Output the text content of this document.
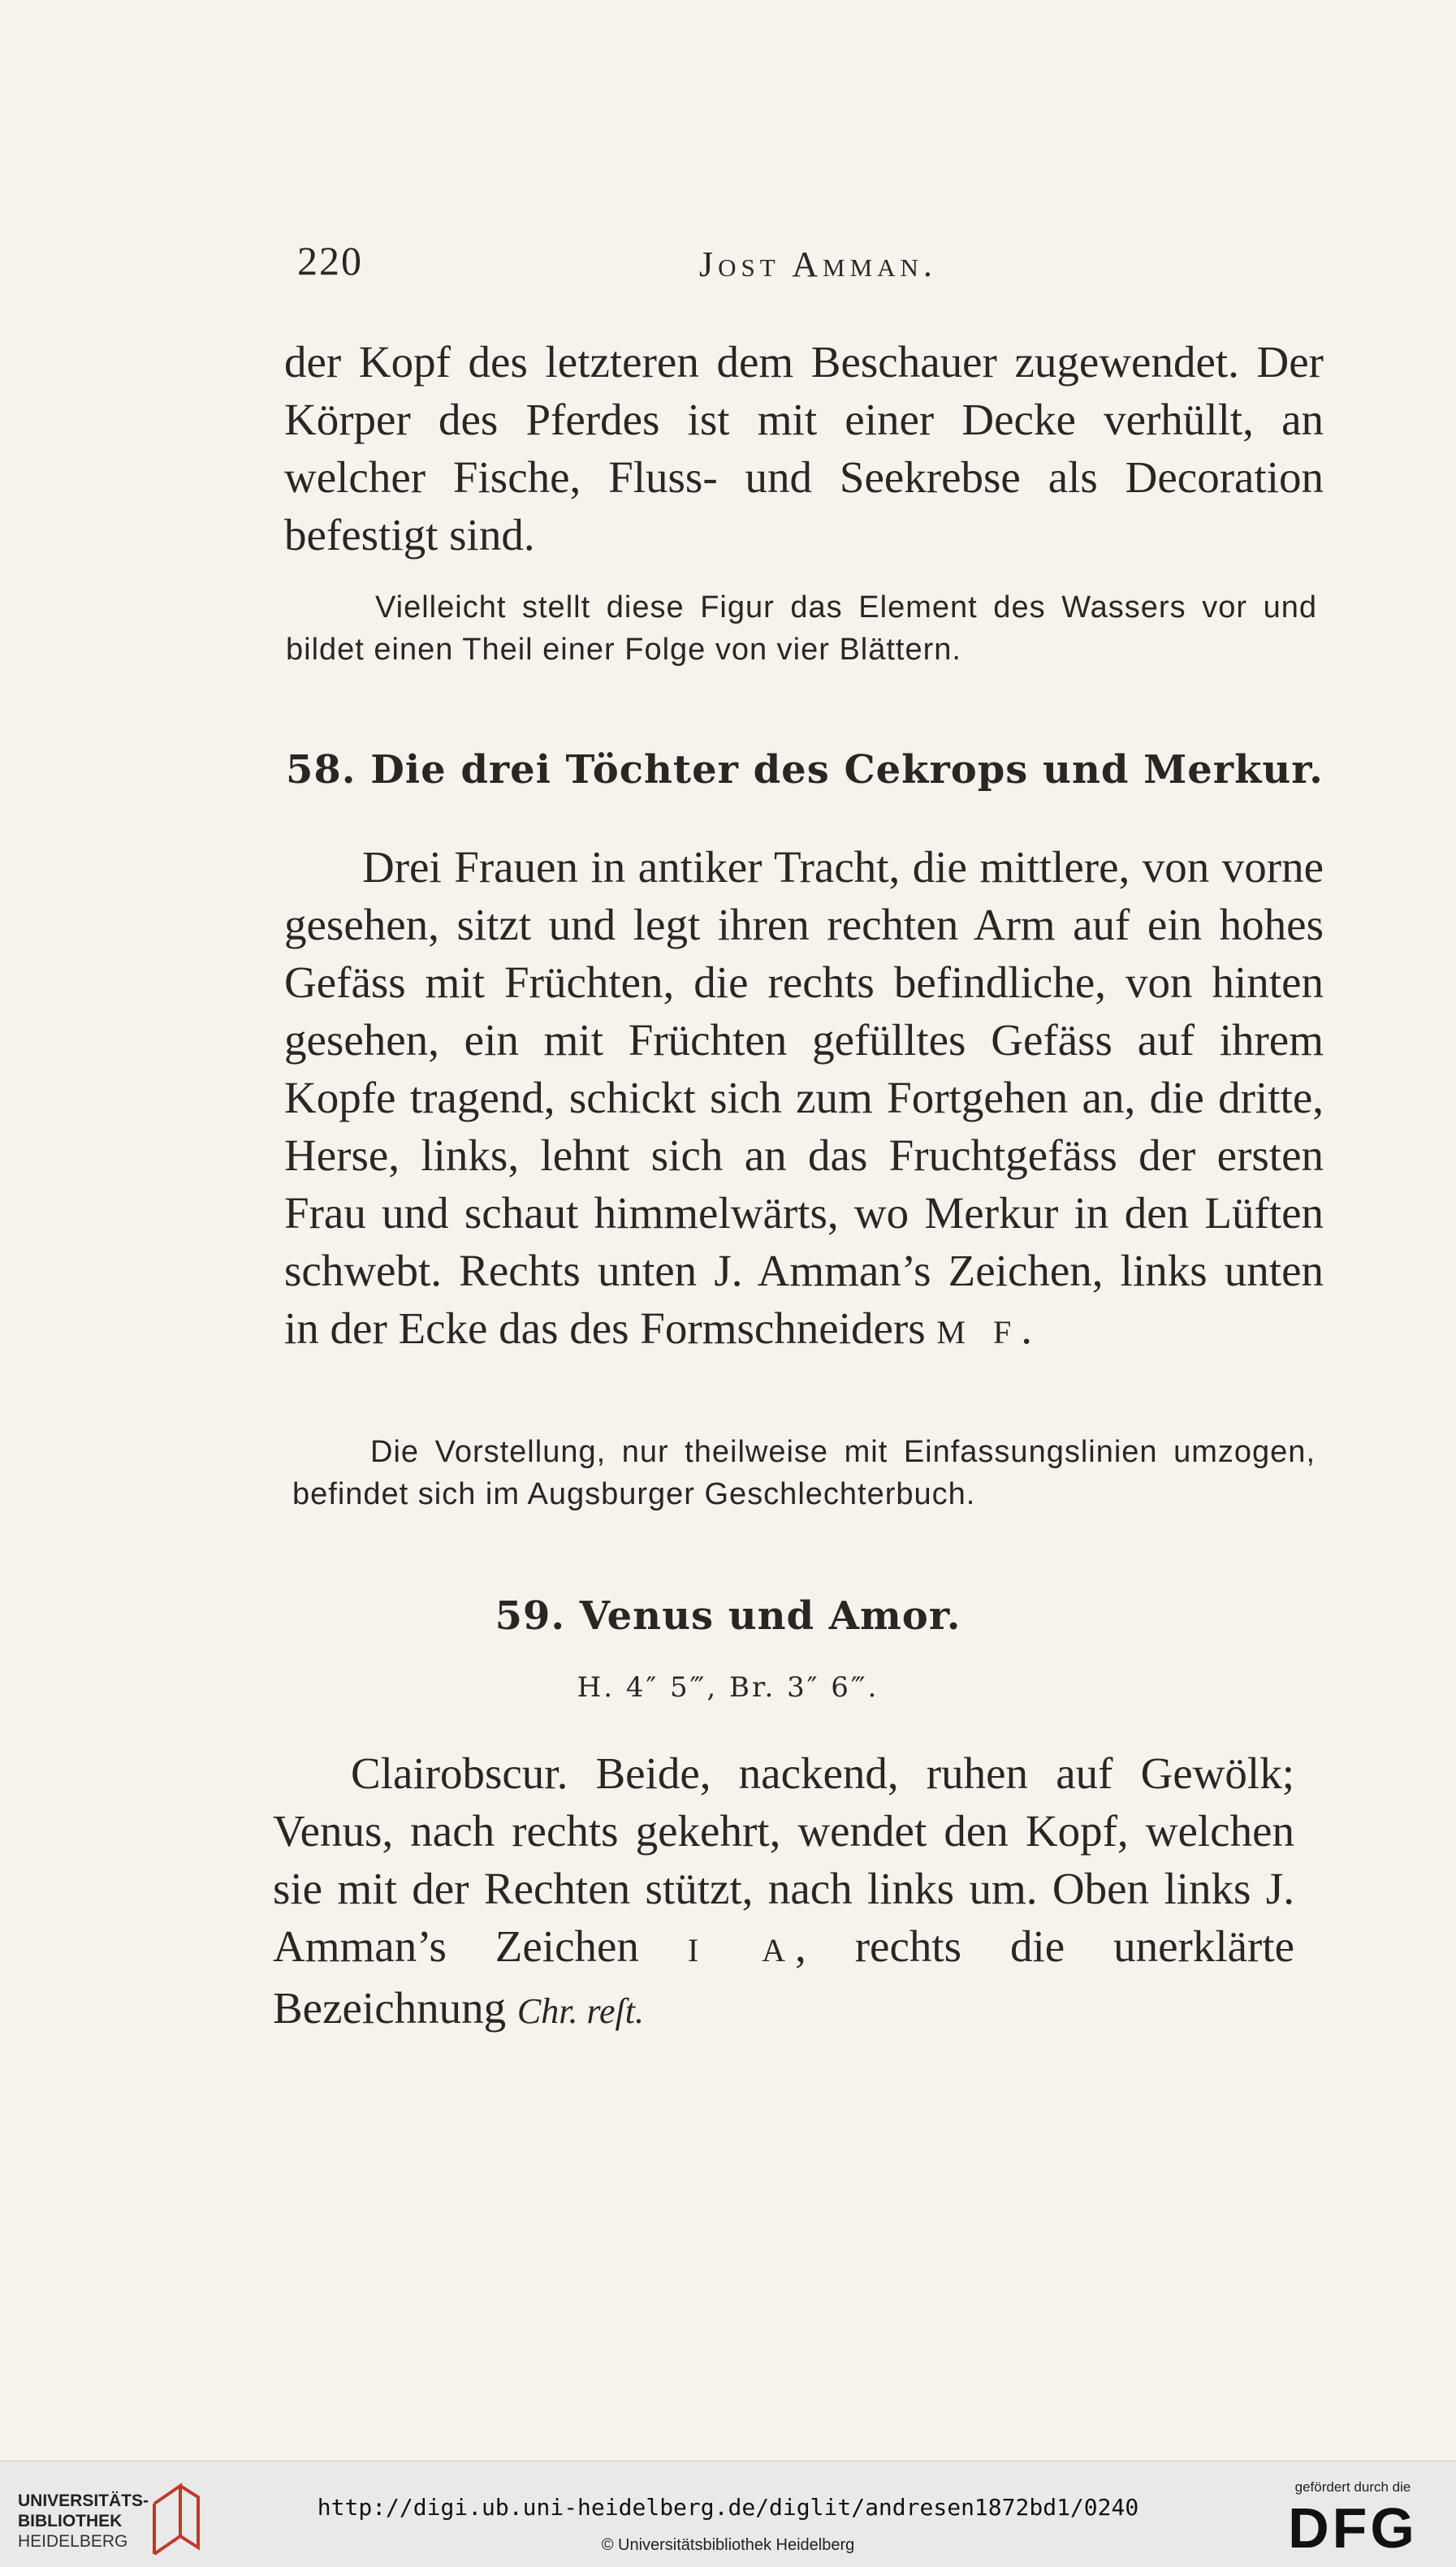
220	Jost Amman.

der Kopf des letzteren dem Beschauer zugewendet. Der Körper des Pferdes ist mit einer Decke verhüllt, an welcher Fische, Fluss- und Seekrebse als Decoration befestigt sind.

Vielleicht stellt diese Figur das Element des Wassers vor und bildet einen Theil einer Folge von vier Blättern.

58. Die drei Töchter des Cekrops und Merkur.

Drei Frauen in antiker Tracht, die mittlere, von vorne gesehen, sitzt und legt ihren rechten Arm auf ein hohes Gefäss mit Früchten, die rechts befindliche, von hinten gesehen, ein mit Früchten gefülltes Gefäss auf ihrem Kopfe tragend, schickt sich zum Fortgehen an, die dritte, Herse, links, lehnt sich an das Fruchtgefäss der ersten Frau und schaut himmelwärts, wo Merkur in den Lüften schwebt. Rechts unten J. Amman’s Zeichen, links unten in der Ecke das des Formschneiders M F.

Die Vorstellung, nur theilweise mit Einfassungslinien umzogen, befindet sich im Augsburger Geschlechterbuch.

59. Venus und Amor.
H. 4″ 5‴, Br. 3″ 6‴.

Clairobscur. Beide, nackend, ruhen auf Gewölk; Venus, nach rechts gekehrt, wendet den Kopf, welchen sie mit der Rechten stützt, nach links um. Oben links J. Amman’s Zeichen I A, rechts die unerklärte Bezeichnung Chr. reſt.

UNIVERSITÄTS-
BIBLIOTHEK
HEIDELBERG
http://digi.ub.uni-heidelberg.de/diglit/andresen1872bd1/0240
© Universitätsbibliothek Heidelberg
gefördert durch die
DFG
